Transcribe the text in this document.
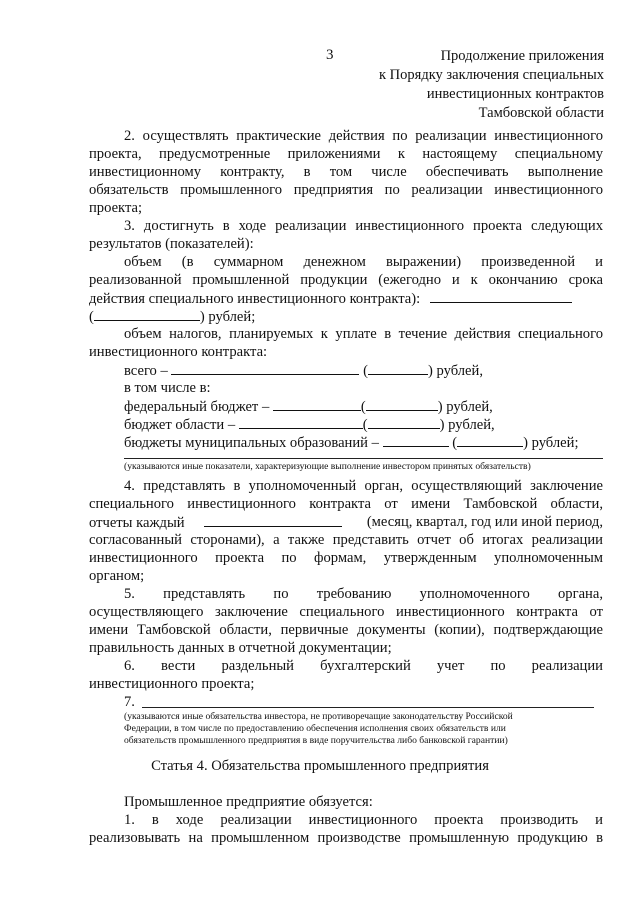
3	Продолжение приложения
к Порядку заключения специальных
инвестиционных контрактов
Тамбовской области
2. осуществлять практические действия по реализации инвестиционного
проекта, предусмотренные приложениями к настоящему специальному
инвестиционному контракту, в том числе обеспечивать выполнение
обязательств промышленного предприятия по реализации инвестиционного
проекта;
3. достигнуть в ходе реализации инвестиционного проекта следующих
результатов (показателей):
объем (в суммарном денежном выражении) произведенной и
реализованной промышленной продукции (ежегодно и к окончанию срока
действия специального инвестиционного контракта):
(	) рублей;
объем налогов, планируемых к уплате в течение действия специального
инвестиционного контракта:
всего –	(	) рублей,
в том числе в:
федеральный бюджет –	(	) рублей,
бюджет области –	(	) рублей,
бюджеты муниципальных образований –	(	) рублей;
(указываются иные показатели, характеризующие выполнение инвестором принятых обязательств)
4. представлять в уполномоченный орган, осуществляющий заключение
специального инвестиционного контракта от имени Тамбовской области,
отчеты каждый	(месяц, квартал, год или иной период,
согласованный сторонами), а также представить отчет об итогах реализации
инвестиционного проекта по формам, утвержденным уполномоченным
органом;
5. представлять по требованию уполномоченного органа,
осуществляющего заключение специального инвестиционного контракта от
имени Тамбовской области, первичные документы (копии), подтверждающие
правильность данных в отчетной документации;
6. вести раздельный бухгалтерский учет по реализации
инвестиционного проекта;
7.
(указываются иные обязательства инвестора, не противоречащие законодательству Российской
Федерации, в том числе по предоставлению обеспечения исполнения своих обязательств или
обязательств промышленного предприятия в виде поручительства либо банковской гарантии)
Статья 4. Обязательства промышленного предприятия
Промышленное предприятие обязуется:
1. в ходе реализации инвестиционного проекта производить и
реализовывать на промышленном производстве промышленную продукцию в
